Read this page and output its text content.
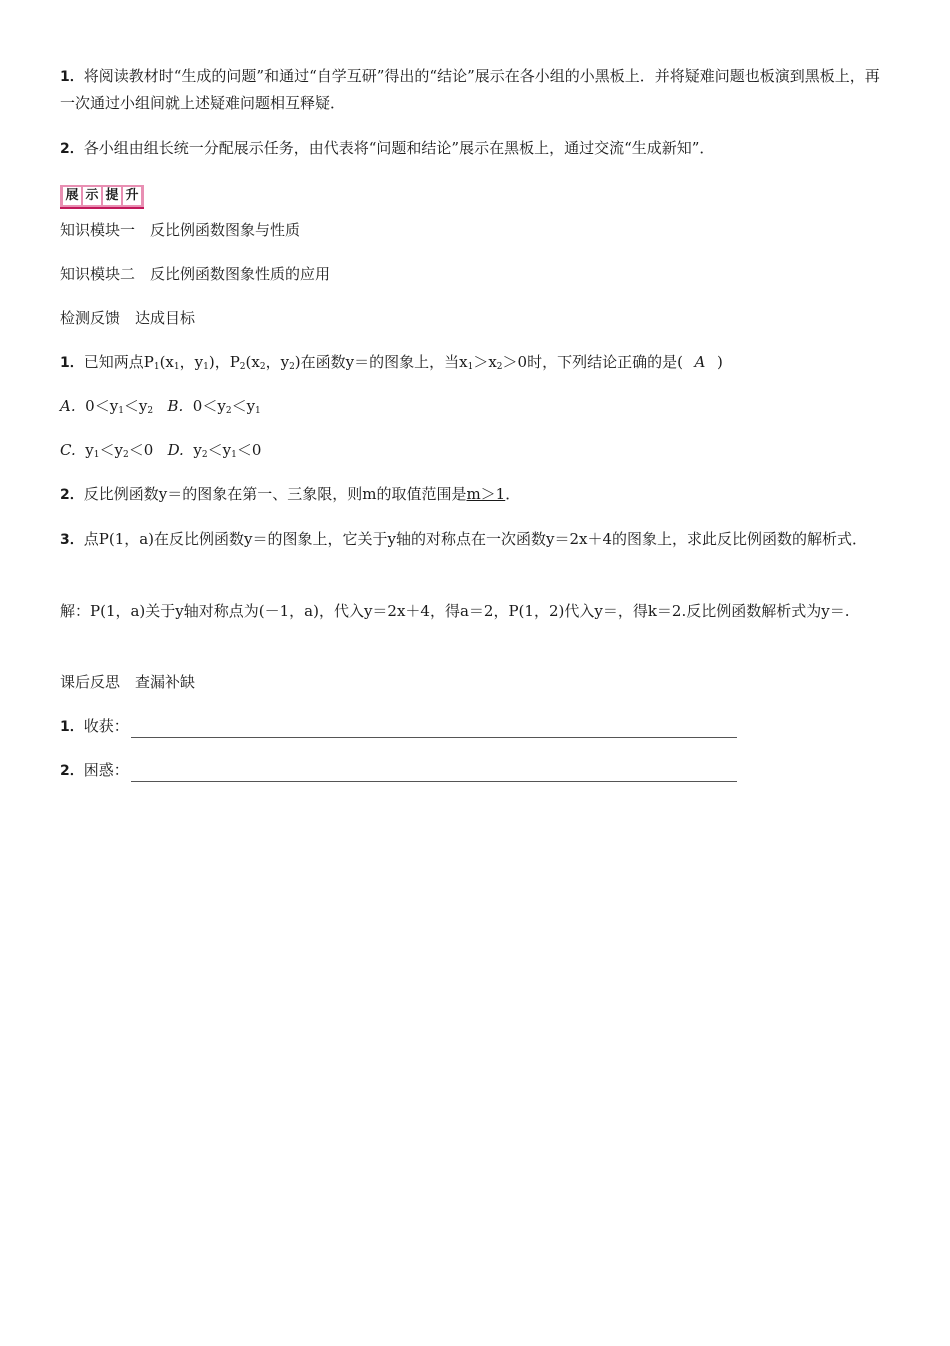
1．将阅读教材时“生成的问题”和通过“自学互研”得出的“结论”展示在各小组的小黑板上．并将疑难问题也板演到黑板上，再一次通过小组间就上述疑难问题相互释疑．
2．各小组由组长统一分配展示任务，由代表将“问题和结论”展示在黑板上，通过交流“生成新知”．
展 示 提 升
知识模块一　反比例函数图象与性质
知识模块二　反比例函数图象性质的应用
检测反馈　达成目标
1．已知两点$P_1(x_1$，$y_1$)，$P_2(x_2$，$y_2$)在函数y＝的图象上，当$x_1>x_2>0$时，下列结论正确的是( A )
A. $0<y_1<y_2$ B. $0<y_2<y_1$
C. $y_1<y_2<0$ D. $y_2<y_1<0$
2．反比例函数y＝的图象在第一、三象限，则m的取值范围是m＞1．
3．点P(1，a)在反比例函数y＝的图象上，它关于y轴的对称点在一次函数y＝2x＋4的图象上，求此反比例函数的解析式．
解：P(1，a)关于y轴对称点为(－1，a)，代入y＝2x＋4，得a＝2，P(1，2)代入y＝，得k＝2.反比例函数解析式为y＝.
课后反思　查漏补缺
1．收获：
2．困惑：
